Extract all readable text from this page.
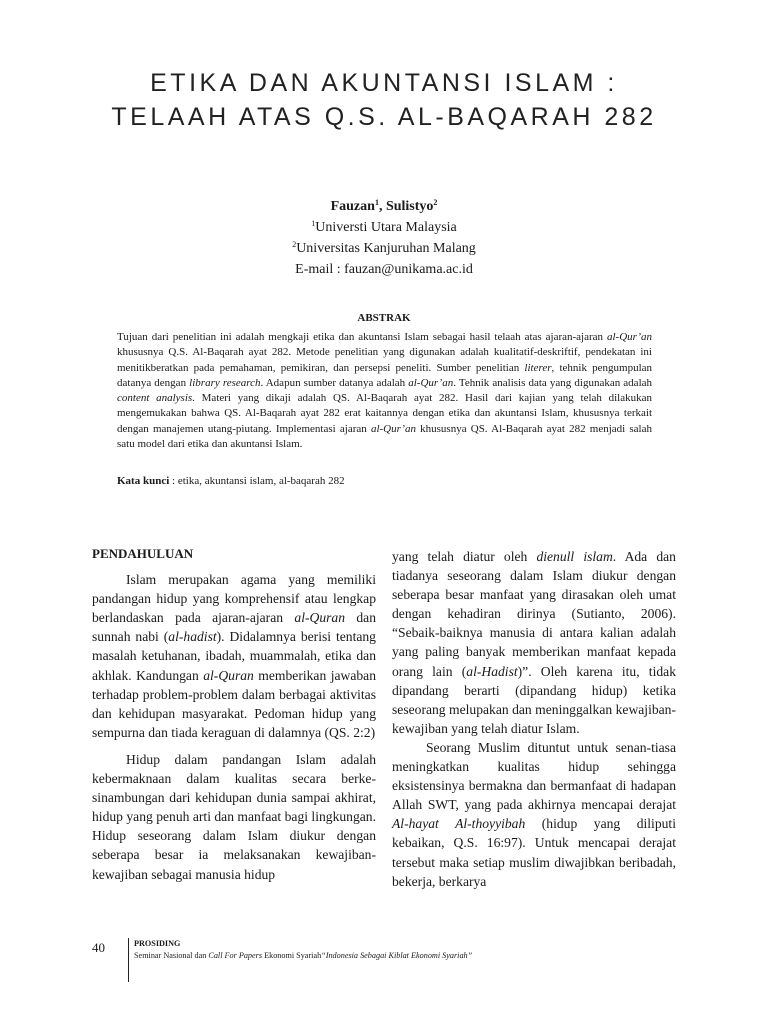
ETIKA DAN AKUNTANSI ISLAM :
TELAAH ATAS Q.S. AL-BAQARAH 282
Fauzan$^1$, Sulistyo$^2$
$^1$Universti Utara Malaysia
$^2$Universitas Kanjuruhan Malang
E-mail : fauzan@unikama.ac.id
ABSTRAK

Tujuan dari penelitian ini adalah mengkaji etika dan akuntansi Islam sebagai hasil telaah atas ajaran-ajaran al-Qur’an khususnya Q.S. Al-Baqarah ayat 282. Metode penelitian yang digunakan adalah kualitatif-deskriftif, pendekatan ini menitikberatkan pada pemahaman, pemikiran, dan persepsi peneliti. Sumber penelitian literer, tehnik pengumpulan datanya dengan library research. Adapun sumber datanya adalah al-Qur’an. Tehnik analisis data yang digunakan adalah content analysis. Materi yang dikaji adalah QS. Al-Baqarah ayat 282. Hasil dari kajian yang telah dilakukan mengemukakan bahwa QS. Al-Baqarah ayat 282 erat kaitannya dengan etika dan akuntansi Islam, khususnya terkait dengan manajemen utang-piutang. Implementasi ajaran al-Qur’an khususnya QS. Al-Baqarah ayat 282 menjadi salah satu model dari etika dan akuntansi Islam.

Kata kunci : etika, akuntansi islam, al-baqarah 282

PENDAHULUAN

Islam merupakan agama yang memiliki pandangan hidup yang komprehensif atau lengkap berlandaskan pada ajaran-ajaran al-Quran dan sunnah nabi (al-hadist). Didalamnya berisi tentang masalah ketuhanan, ibadah, muammalah, etika dan akhlak. Kandungan al-Quran memberikan jawaban terhadap problem-problem dalam berbagai aktivitas dan kehidupan masyarakat. Pedoman hidup yang sempurna dan tiada keraguan di dalamnya (QS. 2:2)

Hidup dalam pandangan Islam adalah kebermaknaan dalam kualitas secara berke-sinambungan dari kehidupan dunia sampai akhirat, hidup yang penuh arti dan manfaat bagi lingkungan. Hidup seseorang dalam Islam diukur dengan seberapa besar ia melaksanakan kewajiban-kewajiban sebagai manusia hidup

yang telah diatur oleh dienull islam. Ada dan tiadanya seseorang dalam Islam diukur dengan seberapa besar manfaat yang dirasakan oleh umat dengan kehadiran dirinya (Sutianto, 2006). “Sebaik-baiknya manusia di antara kalian adalah yang paling banyak memberikan manfaat kepada orang lain (al-Hadist)”. Oleh karena itu, tidak dipandang berarti (dipandang hidup) ketika seseorang melupakan dan meninggalkan kewajiban-kewajiban yang telah diatur Islam.

Seorang Muslim dituntut untuk senan-tiasa meningkatkan kualitas hidup sehingga eksistensinya bermakna dan bermanfaat di hadapan Allah SWT, yang pada akhirnya mencapai derajat Al-hayat Al-thoyyibah (hidup yang diliputi kebaikan, Q.S. 16:97). Untuk mencapai derajat tersebut maka setiap muslim diwajibkan beribadah, bekerja, berkarya

40	PROSIDING
Seminar Nasional dan Call For Papers Ekonomi Syariah“Indonesia Sebagai Kiblat Ekonomi Syariah”
